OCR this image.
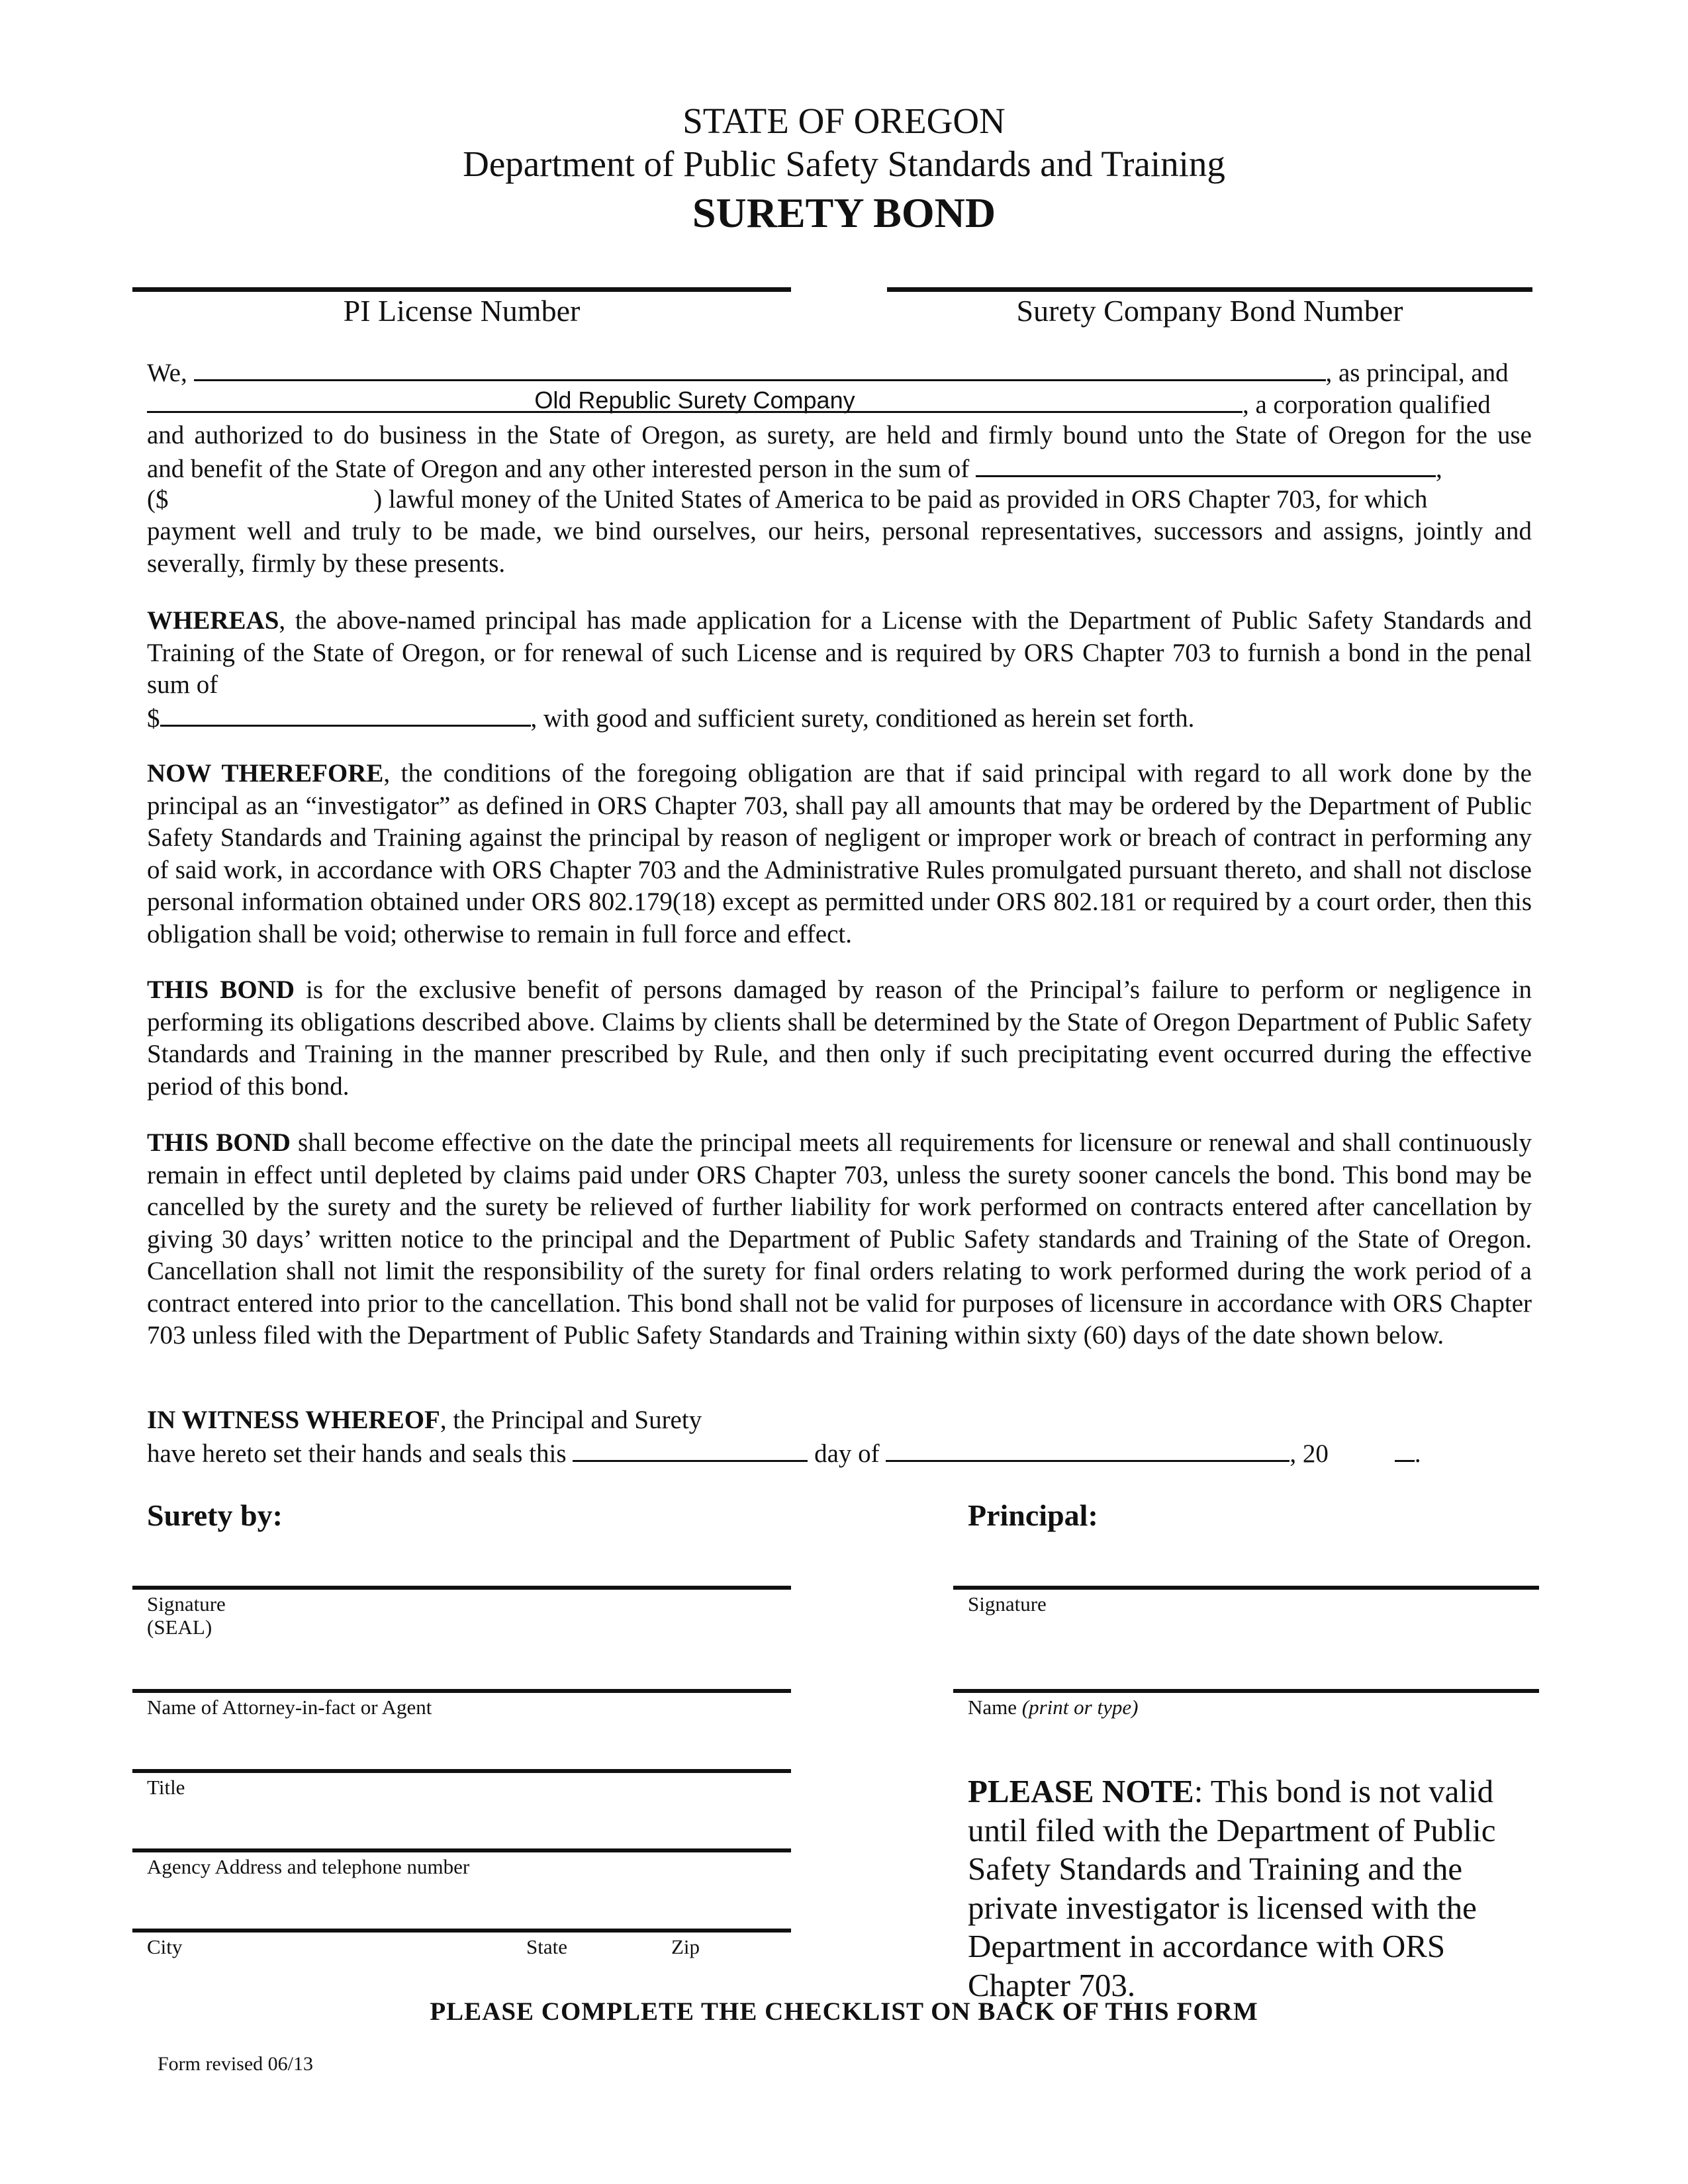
STATE OF OREGON
Department of Public Safety Standards and Training
SURETY BOND
PI License Number	Surety Company Bond Number
We,	, as principal, and
Old Republic Surety Company	, a corporation qualified
and authorized to do business in the State of Oregon, as surety, are held and firmly bound unto the State of Oregon for the use
and benefit of the State of Oregon and any other interested person in the sum of	,
($	) lawful money of the United States of America to be paid as provided in ORS Chapter 703, for which
payment well and truly to be made, we bind ourselves, our heirs, personal representatives, successors and assigns, jointly and
severally, firmly by these presents.
WHEREAS, the above-named principal has made application for a License with the Department of Public Safety Standards and Training of the State of Oregon, or for renewal of such License and is required by ORS Chapter 703 to furnish a bond in the penal sum of
$	, with good and sufficient surety, conditioned as herein set forth.
NOW THEREFORE, the conditions of the foregoing obligation are that if said principal with regard to all work done by the principal as an “investigator” as defined in ORS Chapter 703, shall pay all amounts that may be ordered by the Department of Public Safety Standards and Training against the principal by reason of negligent or improper work or breach of contract in performing any of said work, in accordance with ORS Chapter 703 and the Administrative Rules promulgated pursuant thereto, and shall not disclose personal information obtained under ORS 802.179(18) except as permitted under ORS 802.181 or required by a court order, then this obligation shall be void; otherwise to remain in full force and effect.
THIS BOND is for the exclusive benefit of persons damaged by reason of the Principal’s failure to perform or negligence in performing its obligations described above. Claims by clients shall be determined by the State of Oregon Department of Public Safety Standards and Training in the manner prescribed by Rule, and then only if such precipitating event occurred during the effective period of this bond.
THIS BOND shall become effective on the date the principal meets all requirements for licensure or renewal and shall continuously remain in effect until depleted by claims paid under ORS Chapter 703, unless the surety sooner cancels the bond. This bond may be cancelled by the surety and the surety be relieved of further liability for work performed on contracts entered after cancellation by giving 30 days’ written notice to the principal and the Department of Public Safety standards and Training of the State of Oregon. Cancellation shall not limit the responsibility of the surety for final orders relating to work performed during the work period of a contract entered into prior to the cancellation. This bond shall not be valid for purposes of licensure in accordance with ORS Chapter 703 unless filed with the Department of Public Safety Standards and Training within sixty (60) days of the date shown below.
IN WITNESS WHEREOF, the Principal and Surety
have hereto set their hands and seals this	day of	, 20	.
Surety by:
Signature
(SEAL)
Name of Attorney-in-fact or Agent
Title
Agency Address and telephone number
City	State	Zip
Principal:
Signature
Name (print or type)
PLEASE NOTE: This bond is not valid until filed with the Department of Public Safety Standards and Training and the private investigator is licensed with the Department in accordance with ORS Chapter 703.
PLEASE COMPLETE THE CHECKLIST ON BACK OF THIS FORM
Form revised 06/13
